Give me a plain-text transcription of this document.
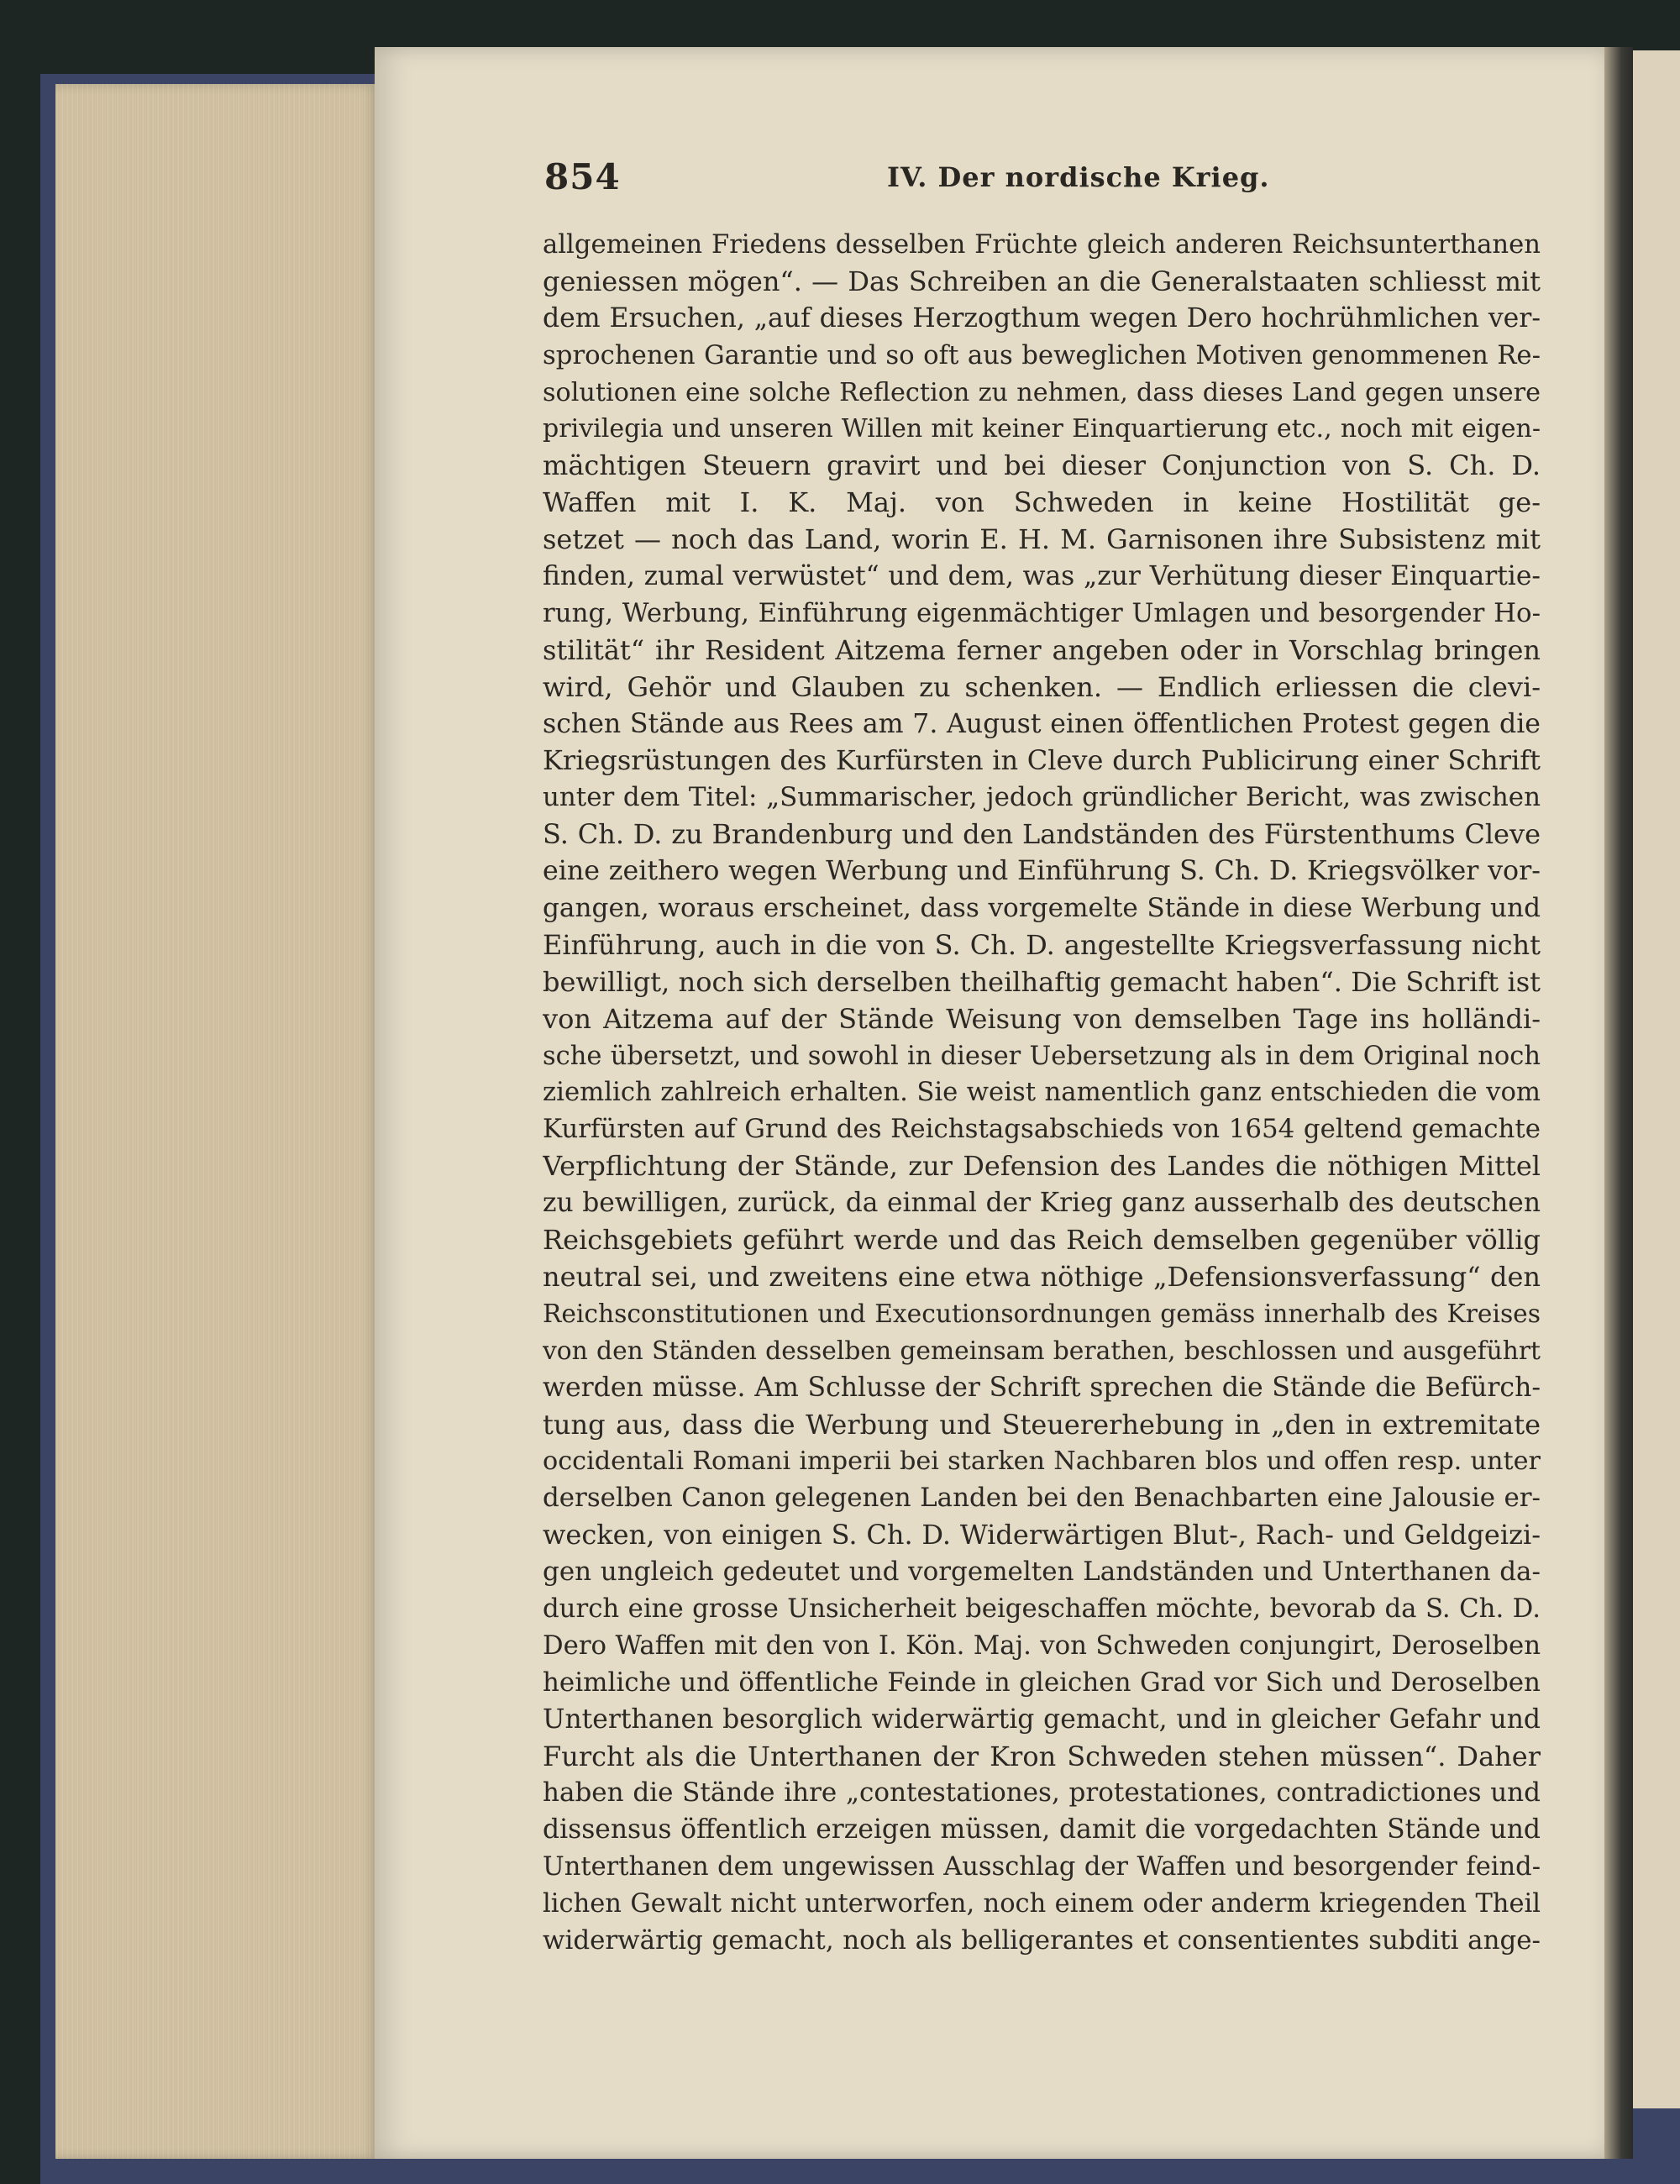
854	IV. Der nordische Krieg.
allgemeinen Friedens desselben Früchte gleich anderen Reichsunterthanen
geniessen mögen“. — Das Schreiben an die Generalstaaten schliesst mit
dem Ersuchen, „auf dieses Herzogthum wegen Dero hochrühmlichen ver-
sprochenen Garantie und so oft aus beweglichen Motiven genommenen Re-
solutionen eine solche Reflection zu nehmen, dass dieses Land gegen unsere
privilegia und unseren Willen mit keiner Einquartierung etc., noch mit eigen-
mächtigen Steuern gravirt und bei dieser Conjunction von S. Ch. D.
Waffen mit I. K. Maj. von Schweden in keine Hostilität ge-
setzet — noch das Land, worin E. H. M. Garnisonen ihre Subsistenz mit
finden, zumal verwüstet“ und dem, was „zur Verhütung dieser Einquartie-
rung, Werbung, Einführung eigenmächtiger Umlagen und besorgender Ho-
stilität“ ihr Resident Aitzema ferner angeben oder in Vorschlag bringen
wird, Gehör und Glauben zu schenken. — Endlich erliessen die clevi-
schen Stände aus Rees am 7. August einen öffentlichen Protest gegen die
Kriegsrüstungen des Kurfürsten in Cleve durch Publicirung einer Schrift
unter dem Titel: „Summarischer, jedoch gründlicher Bericht, was zwischen
S. Ch. D. zu Brandenburg und den Landständen des Fürstenthums Cleve
eine zeithero wegen Werbung und Einführung S. Ch. D. Kriegsvölker vor-
gangen, woraus erscheinet, dass vorgemelte Stände in diese Werbung und
Einführung, auch in die von S. Ch. D. angestellte Kriegsverfassung nicht
bewilligt, noch sich derselben theilhaftig gemacht haben“. Die Schrift ist
von Aitzema auf der Stände Weisung von demselben Tage ins holländi-
sche übersetzt, und sowohl in dieser Uebersetzung als in dem Original noch
ziemlich zahlreich erhalten. Sie weist namentlich ganz entschieden die vom
Kurfürsten auf Grund des Reichstagsabschieds von 1654 geltend gemachte
Verpflichtung der Stände, zur Defension des Landes die nöthigen Mittel
zu bewilligen, zurück, da einmal der Krieg ganz ausserhalb des deutschen
Reichsgebiets geführt werde und das Reich demselben gegenüber völlig
neutral sei, und zweitens eine etwa nöthige „Defensionsverfassung“ den
Reichsconstitutionen und Executionsordnungen gemäss innerhalb des Kreises
von den Ständen desselben gemeinsam berathen, beschlossen und ausgeführt
werden müsse. Am Schlusse der Schrift sprechen die Stände die Befürch-
tung aus, dass die Werbung und Steuererhebung in „den in extremitate
occidentali Romani imperii bei starken Nachbaren blos und offen resp. unter
derselben Canon gelegenen Landen bei den Benachbarten eine Jalousie er-
wecken, von einigen S. Ch. D. Widerwärtigen Blut-, Rach- und Geldgeizi-
gen ungleich gedeutet und vorgemelten Landständen und Unterthanen da-
durch eine grosse Unsicherheit beigeschaffen möchte, bevorab da S. Ch. D.
Dero Waffen mit den von I. Kön. Maj. von Schweden conjungirt, Deroselben
heimliche und öffentliche Feinde in gleichen Grad vor Sich und Deroselben
Unterthanen besorglich widerwärtig gemacht, und in gleicher Gefahr und
Furcht als die Unterthanen der Kron Schweden stehen müssen“. Daher
haben die Stände ihre „contestationes, protestationes, contradictiones und
dissensus öffentlich erzeigen müssen, damit die vorgedachten Stände und
Unterthanen dem ungewissen Ausschlag der Waffen und besorgender feind-
lichen Gewalt nicht unterworfen, noch einem oder anderm kriegenden Theil
widerwärtig gemacht, noch als belligerantes et consentientes subditi ange-
